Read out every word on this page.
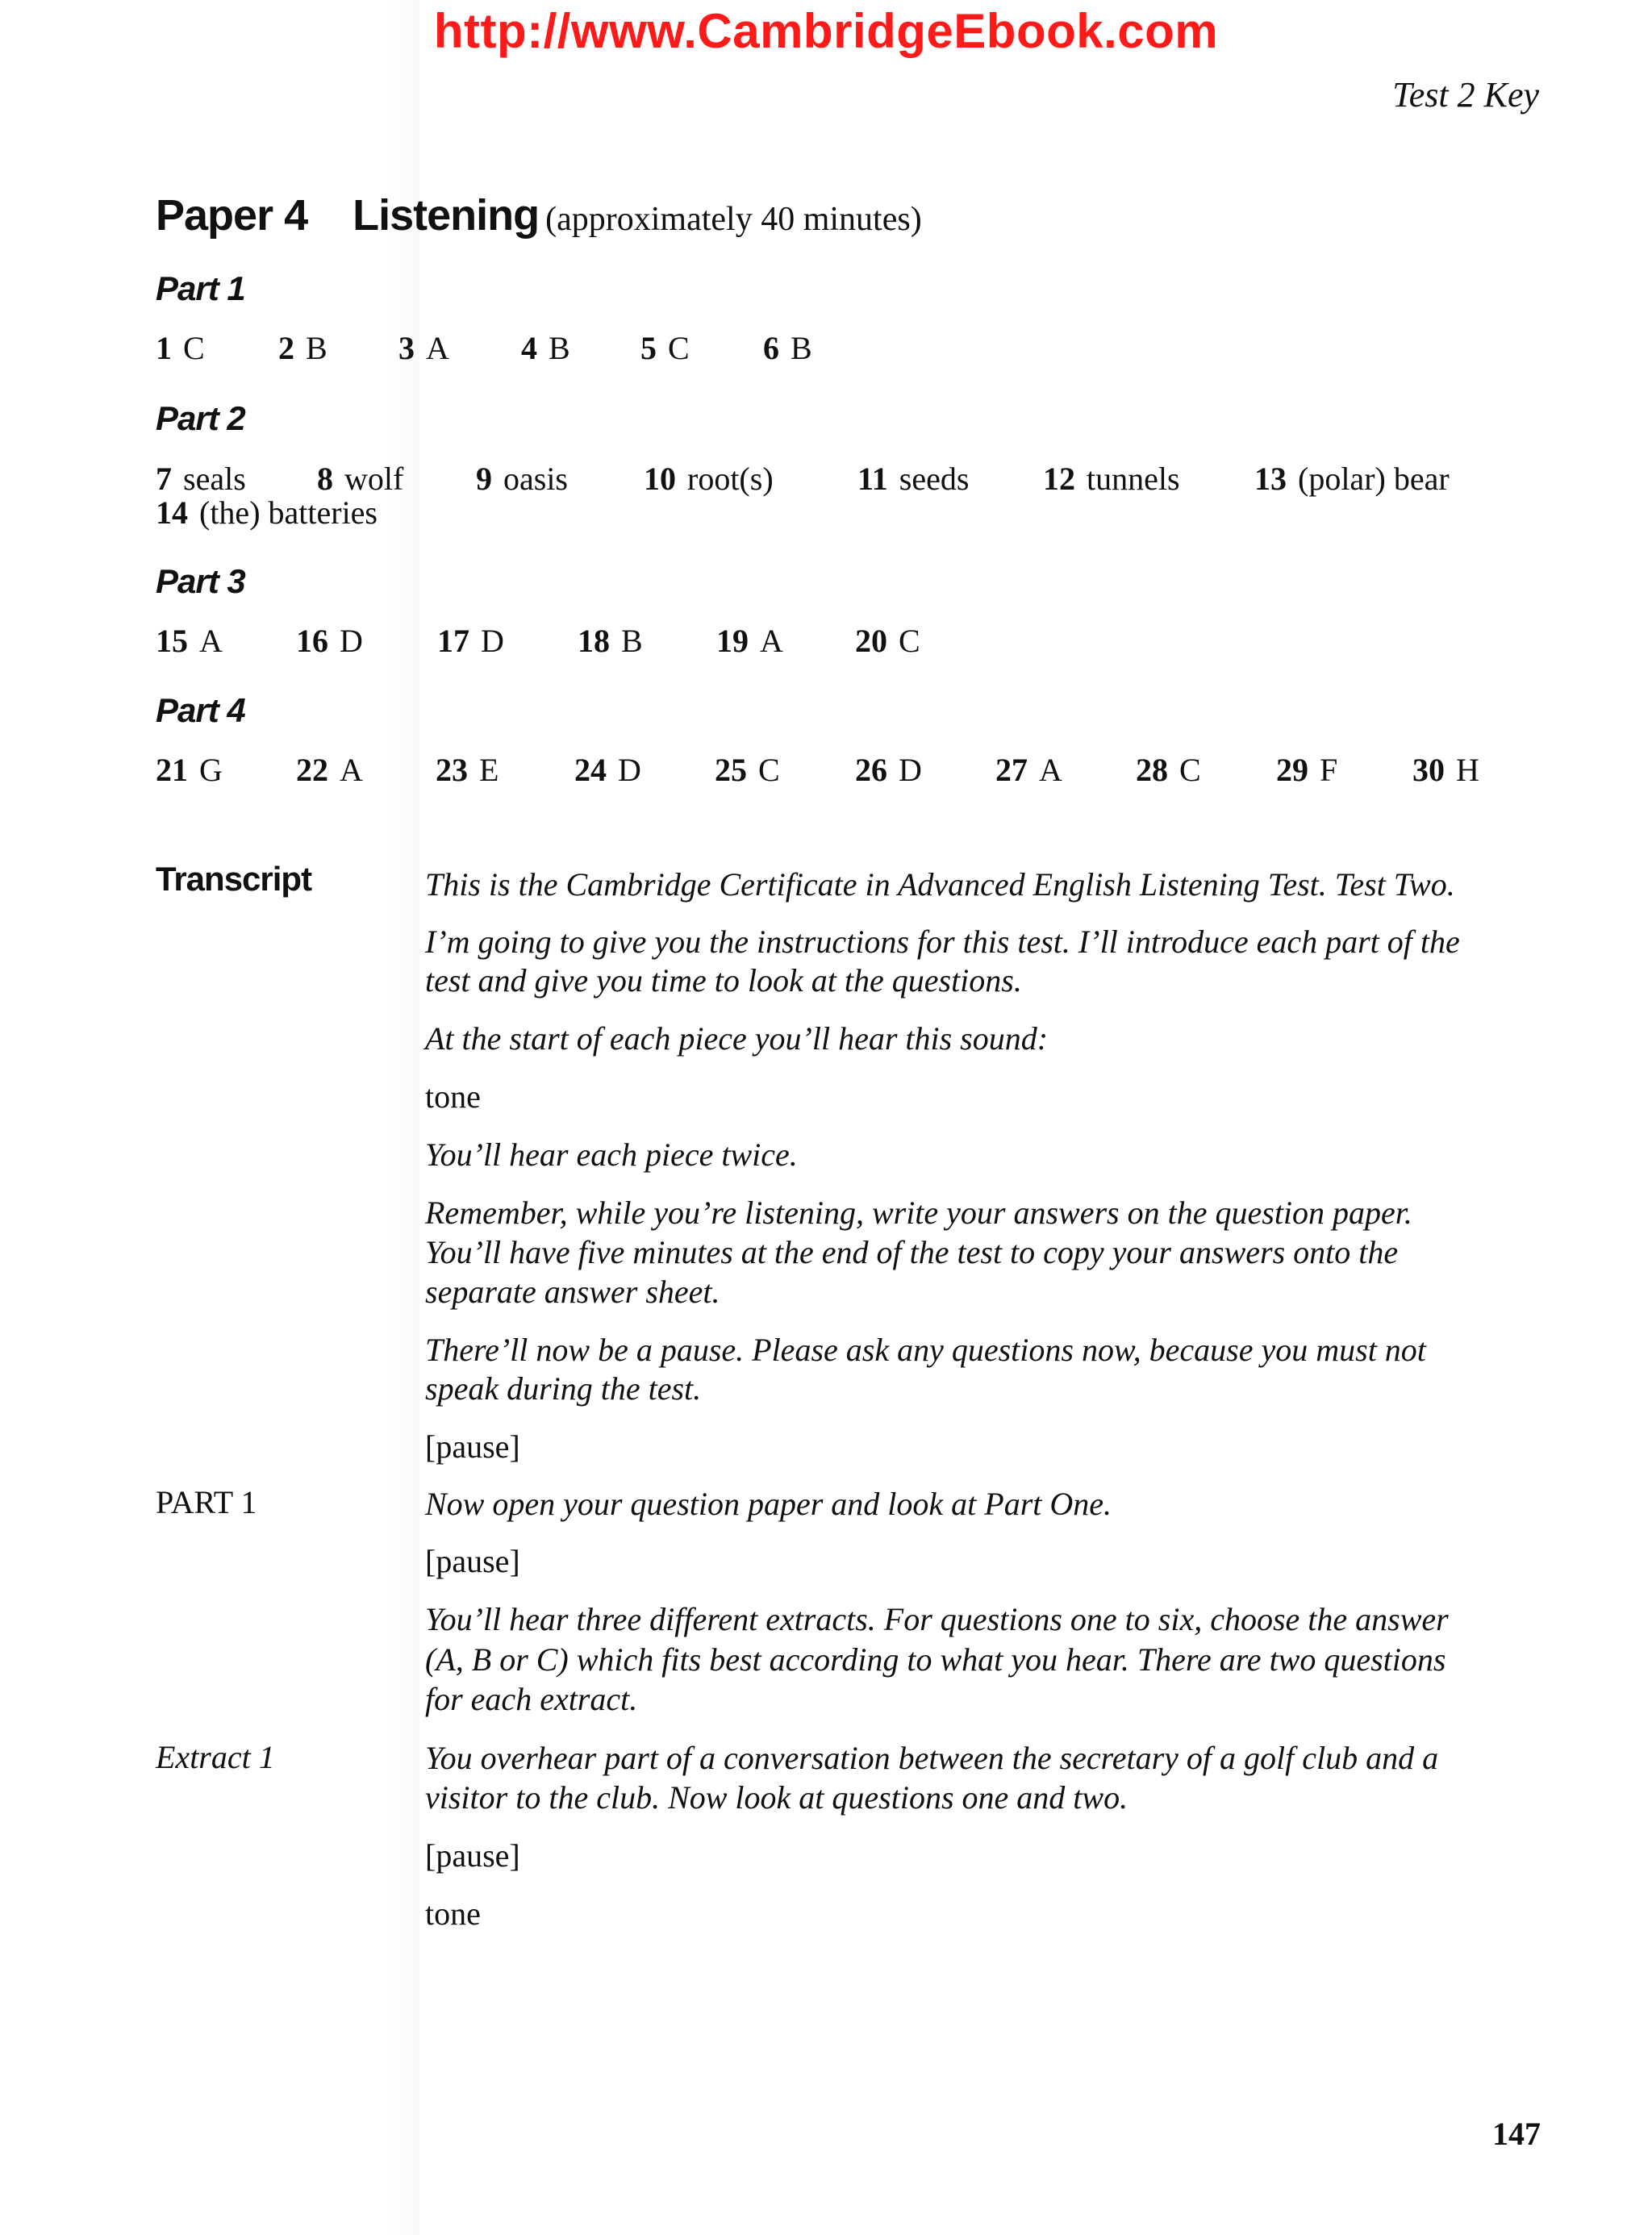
http://www.CambridgeEbook.com
Test 2 Key
Paper 4 Listening (approximately 40 minutes)
Part 1
1 C 2 B 3 A 4 B 5 C 6 B
Part 2
7 seals 8 wolf 9 oasis 10 root(s)	11 seeds 12 tunnels 13 (polar) bear
14 (the) batteries
Part 3
15 A 16 D 17 D 18 B 19 A 20 C
Part 4
21 G 22 A 23 E 24 D 25 C 26 D 27 A 28 C 29 F 30 H
Transcript
PART 1
Extract 1
This is the Cambridge Certificate in Advanced English Listening Test. Test Two.
I’m going to give you the instructions for this test. I’ll introduce each part of the
test and give you time to look at the questions.
At the start of each piece you’ll hear this sound:
tone
You’ll hear each piece twice.
Remember, while you’re listening, write your answers on the question paper.
You’ll have five minutes at the end of the test to copy your answers onto the
separate answer sheet.
There’ll now be a pause. Please ask any questions now, because you must not
speak during the test.
[pause]
Now open your question paper and look at Part One.
[pause]
You’ll hear three different extracts. For questions one to six, choose the answer
(A, B or C) which fits best according to what you hear. There are two questions
for each extract.
You overhear part of a conversation between the secretary of a golf club and a
visitor to the club. Now look at questions one and two.
[pause]
tone
147
